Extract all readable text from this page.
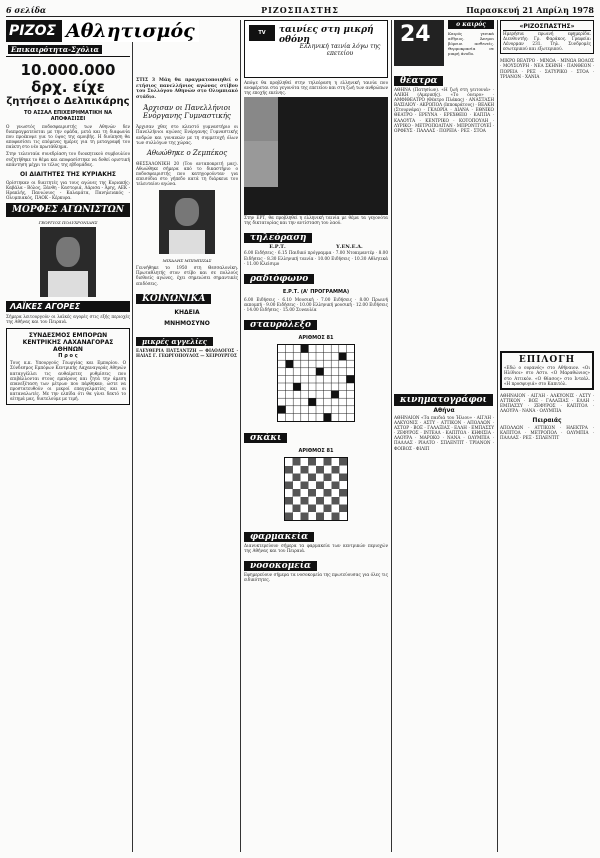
6 σελίδα	ΡΙΖΟΣΠΑΣΤΗΣ	Παρασκευή 21 Απρίλη 1978
ΡΙΖΟΣ Αθλητισμός
Επικαιρότητα-Σχόλια
10.000.000 δρχ. είχε
ζητήσει ο Δελπικάρης
ΤΟ ΑΣΣΑΛ ΕΠΙΧΕΙΡΗΜΑΤΙΚΗ ΝΑ ΑΠΟΦΑΣΙΣΕΙ

Ο γνωστός ποδοσφαιριστής των Αθηνών δεν διαπραγματεύεται με την ομάδα, μετά και τη διαφωνία που προέκυψε για το ύψος της αμοιβής. Η διοίκηση θα αποφασίσει τις επόμενες ημέρες για τη μεταγραφή του παίκτη στο νέο πρωτάθλημα.

Στην τελευταία συνεδρίαση του διοικητικού συμβουλίου συζητήθηκε το θέμα και αποφασίστηκε να δοθεί οριστική απάντηση μέχρι το τέλος της εβδομάδας.

ΟΙ ΔΙΑΙΤΗΤΕΣ ΤΗΣ ΚΥΡΙΑΚΗΣ
Ορίστηκαν οι διαιτητές για τους αγώνες της Κυριακής: Καβάλα - Βόλος, Ξάνθη - Καστοριά, Λάρισα - Άρης, ΑΕΚ - Ηρακλής, Πανιώνιος - Καλαμάτα, Πανηλειακός - Ολυμπιακός, ΠΑΟΚ - Κέρκυρα.
ΜΟΡΦΕΣ ΑΓΩΝΙΣΤΩΝ
ΓΕΩΡΓΙΟΣ ΠΟΛΥΧΡΟΝΙΔΗΣ
ΛΑΪΚΕΣ ΑΓΟΡΕΣ
Σήμερα λειτουργούν οι λαϊκές αγορές στις εξής περιοχές της Αθήνας και του Πειραιά.
ΣΥΝΔΕΣΜΟΣ ΕΜΠΟΡΩΝ ΚΕΝΤΡΙΚΗΣ ΛΑΧΑΝΑΓΟΡΑΣ ΑΘΗΝΩΝ
Π ρ ο ς
Τους κ.κ. Υπουργούς Γεωργίας και Εμπορίου. Ο Σύνδεσμος Εμπόρων Κεντρικής Λαχαναγοράς Αθηνών καταγγέλλει τις αυθαίρετες ρυθμίσεις που επιβάλλονται στους εμπόρους και ζητά την άμεση επανεξέταση των μέτρων που πάρθηκαν, ώστε να προστατευθούν οι μικροί επαγγελματίες και οι καταναλωτές. Με την ελπίδα ότι θα γίνει δεκτό το αίτημά μας, διατελούμε με τιμή.
ΣΤΙΣ 3 Μάη θα πραγματοποιηθεί ο ετήσιος πανελλήνιος αγώνας στίβου του Συλλόγου Αθηνών στο Ολυμπιακό στάδιο.
Άρχισαν οι Πανελλήνιοι Ενόργανης Γυμναστικής
Άρχισαν χθες στο κλειστό γυμναστήριο οι Πανελλήνιοι αγώνες Ενόργανης Γυμναστικής ανδρών και γυναικών με τη συμμετοχή όλων των συλλόγων της χώρας.
Αθωώθηκε ο Ζεμπέκος
ΘΕΣΣΑΛΟΝΙΚΗ 20 (Του ανταποκριτή μας). Αθωώθηκε σήμερα από το δικαστήριο ο ποδοσφαιριστής που κατηγορούνταν για επεισόδια στο γήπεδο κατά τη διάρκεια του τελευταίου αγώνα.
ΜΙΧΑΛΗΣ ΜΠΙΜΠΙΖΑΣ
Γεννήθηκε το 1950 στη Θεσσαλονίκη. Πρωταθλητής στον στίβο και σε πολλούς διεθνείς αγώνες, έχει σημειώσει σημαντικές επιδόσεις.
ΚΟΙΝΩΝΙΚΑ
ΚΗΔΕΙΑ
ΜΝΗΜΟΣΥΝΟ
μικρές αγγελίες
ΕΛΕΥΘΕΡΙΑ ΠΑΤΣΑΝΤΖΗ — ΦΙΛΟΛΟΓΟΣ · ΗΛΙΑΣ Γ. ΓΕΩΡΓΟΠΟΥΛΟΣ — ΧΕΙΡΟΥΡΓΟΣ
TV	ταινίες στη μικρή οθόνη
Ελληνική ταινία λόγω της επετείου
Απόψε θα προβληθεί στην τηλεόραση η ελληνική ταινία που αναφέρεται στα γεγονότα της επετείου και στη ζωή των ανθρώπων της εποχής εκείνης.
Στην ΕΡΤ, θα προβληθεί η ελληνική ταινία με θέμα τα γεγονότα της δικτατορίας και την αντίσταση του λαού.
τηλεόραση
Ε.Ρ.Τ.	Υ.ΕΝ.Ε.Δ.
6.00 Ειδήσεις · 6.15 Παιδικό πρόγραμμα · 7.00 Ντοκιμαντέρ · 8.00 Ειδήσεις · 8.30 Ελληνική ταινία · 10.00 Ειδήσεις · 10.30 Αθλητικά · 11.00 Κλείσιμο
ραδιόφωνο
Ε.Ρ.Τ. (Α' ΠΡΟΓΡΑΜΜΑ)
6.00 Ειδήσεις · 6.10 Μουσική · 7.00 Ειδήσεις · 8.00 Πρωινή εκπομπή · 9.00 Ειδήσεις · 10.00 Ελληνική μουσική · 12.00 Ειδήσεις · 14.00 Ειδήσεις · 15.00 Συναυλία
σταυρόλεξο
ΑΡΙΘΜΟΣ 81
σκάκι
ΑΡΙΘΜΟΣ 81
φαρμακεία
Διανυκτερεύουν σήμερα τα φαρμακεία των κεντρικών περιοχών της Αθήνας και του Πειραιά.
νοσοκομεία
Εφημερεύουν σήμερα τα νοσοκομεία της πρωτεύουσας για όλες τις ειδικότητες.
24	ο καιρός
Καιρός γενικά αίθριος. Άνεμοι βόρειοι ασθενείς. Θερμοκρασία σε μικρή άνοδο.
θέατρα
ΑΘΗΝΑ (Πατησίων). «Η ζωή στη γειτονιά» · ΑΛΙΚΗ (Αμερικής). «Το όνειρο» · ΑΜΦΙΘΕΑΤΡΟ (Θέατρο Πλάκας) · ΑΝΑΣΤΑΣΗ ΒΑΣΙΛΙΟΥ · ΑΚΡΟΠΟΛ (Ιπποκράτους) · ΒΕΑΚΗ (Στουρνάρα) · ΓΚΛΟΡΙΑ · ΔΙΑΝΑ · ΕΘΝΙΚΟ ΘΕΑΤΡΟ · ΕΡΕΥΝΑ · ΕΡΕΧΘΕΙΟ · ΚΑΠΠΑ · ΚΑΛΟΥΤΑ · ΚΕΝΤΡΙΚΟ · ΚΟΤΟΠΟΥΛΗ · ΛΥΡΙΚΟ · ΜΕΤΡΟΠΟΛΙΤΑΝ · ΜΠΡΟΝΤΓΟΥΕΪ · ΟΡΦΕΥΣ · ΠΑΛΛΑΣ · ΠΟΡΕΙΑ · ΡΕΞ · ΣΤΟΑ
κινηματογράφοι
Αθήνα
ΑΘΗΝΑΙΟΝ «Τα παιδιά του Ήλιου» · ΑΙΓΛΗ · ΑΛΚΥΟΝΙΣ · ΑΣΤΥ · ΑΤΤΙΚΟΝ · ΑΠΟΛΛΩΝ · ΑΣΤΟΡ · ΒΟΞ · ΓΑΛΑΞΙΑΣ · ΕΛΛΗ · ΕΜΠΑΣΣΥ · ΖΕΦΥΡΟΣ · ΙΝΤΕΑΛ · ΚΑΠΙΤΟΛ · ΚΗΦΙΣΙΑ · ΛΑΟΥΡΑ · ΜΑΡΟΚΟ · ΝΑΝΑ · ΟΛΥΜΠΙΑ · ΠΑΛΛΑΣ · ΡΙΑΛΤΟ · ΣΠΛΕΝΤΙΤ · ΤΡΙΑΝΟΝ · ΦΟΙΒΟΣ · ΦΙΛΙΠ
«ΡΙΖΟΣΠΑΣΤΗΣ»
Ημερήσια πρωινή εφημερίδα. Διευθυντής: Γρ. Φαράκος. Γραφεία: Λένορμαν 231. Τηλ. Συνδρομές εσωτερικού και εξωτερικού.
ΜΙΚΡΟ ΒΕΑΤΡΟ · ΜΙΝΩΑ · ΜΙΝΩΑ ΒΟΛΟΣ · ΜΟΥΣΟΥΡΗ · ΝΕΑ ΣΚΗΝΗ · ΠΑΝΘΕΟΝ · ΠΟΡΕΙΑ · ΡΕΞ · ΣΑΤΥΡΙΚΟ · ΣΤΟΑ · ΤΡΙΑΝΟΝ · ΧΑΝΙΑ
ΕΠΙΛΟΓΗ
«Εδώ ο ουρανός» στο Αθήναιον. «Οι Ηλίθιοι» στο Αστυ. «Ο Μαραθώνιος» στο Αττικόν. «Ο Θίασος» στο Ιντεάλ. «Η προσφυγιά» στο Καπιτόλ.
ΑΘΗΝΑΙΟΝ · ΑΙΓΛΗ · ΑΛΚΥΟΝΙΣ · ΑΣΤΥ · ΑΤΤΙΚΟΝ · ΒΟΞ · ΓΑΛΑΞΙΑΣ · ΕΛΛΗ · ΕΜΠΑΣΣΥ · ΖΕΦΥΡΟΣ · ΚΑΠΙΤΟΛ · ΛΑΟΥΡΑ · ΝΑΝΑ · ΟΛΥΜΠΙΑ
Πειραιάς
ΑΠΟΛΛΩΝ · ΑΤΤΙΚΟΝ · ΗΛΕΚΤΡΑ · ΚΑΠΙΤΟΛ · ΜΕΤΡΟΠΟΛ · ΟΛΥΜΠΙΑ · ΠΑΛΛΑΣ · ΡΕΞ · ΣΠΛΕΝΤΙΤ
